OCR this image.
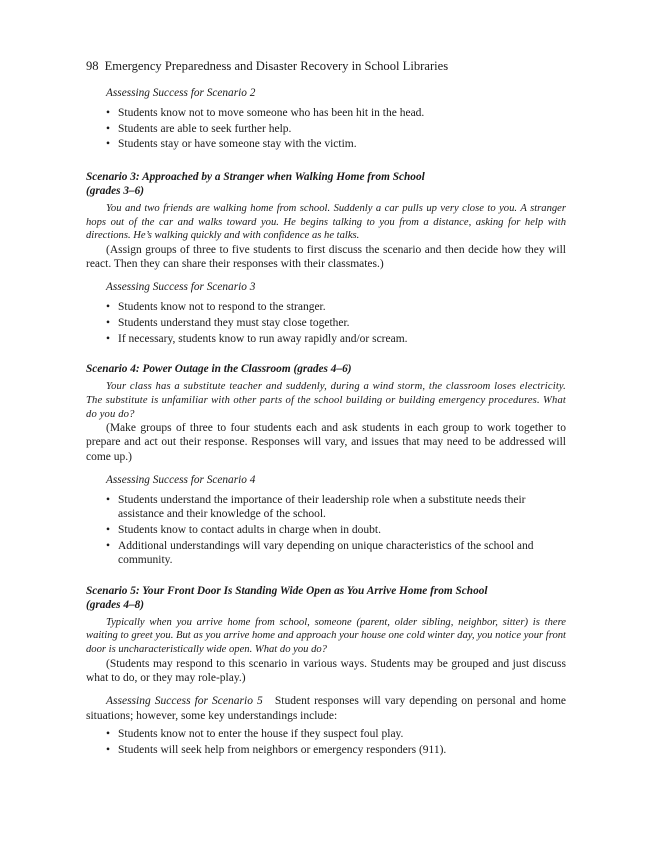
98 Emergency Preparedness and Disaster Recovery in School Libraries
Assessing Success for Scenario 2
• Students know not to move someone who has been hit in the head.
• Students are able to seek further help.
• Students stay or have someone stay with the victim.
Scenario 3: Approached by a Stranger when Walking Home from School
(grades 3–6)

You and two friends are walking home from school. Suddenly a car pulls up very close to you. A stranger hops out of the car and walks toward you. He begins talking to you from a distance, asking for help with directions. He’s walking quickly and with confidence as he talks.

(Assign groups of three to five students to first discuss the scenario and then decide how they will react. Then they can share their responses with their classmates.)

Assessing Success for Scenario 3
• Students know not to respond to the stranger.
• Students understand they must stay close together.
• If necessary, students know to run away rapidly and/or scream.
Scenario 4: Power Outage in the Classroom (grades 4–6)

Your class has a substitute teacher and suddenly, during a wind storm, the classroom loses electricity. The substitute is unfamiliar with other parts of the school building or building emergency procedures. What do you do?

(Make groups of three to four students each and ask students in each group to work together to prepare and act out their response. Responses will vary, and issues that may need to be addressed will come up.)

Assessing Success for Scenario 4
• Students understand the importance of their leadership role when a substitute needs their assistance and their knowledge of the school.
• Students know to contact adults in charge when in doubt.
• Additional understandings will vary depending on unique characteristics of the school and community.
Scenario 5: Your Front Door Is Standing Wide Open as You Arrive Home from School
(grades 4–8)

Typically when you arrive home from school, someone (parent, older sibling, neighbor, sitter) is there waiting to greet you. But as you arrive home and approach your house one cold winter day, you notice your front door is uncharacteristically wide open. What do you do?

(Students may respond to this scenario in various ways. Students may be grouped and just discuss what to do, or they may role-play.)

Assessing Success for Scenario 5 Student responses will vary depending on personal and home situations; however, some key understandings include:

• Students know not to enter the house if they suspect foul play.
• Students will seek help from neighbors or emergency responders (911).
